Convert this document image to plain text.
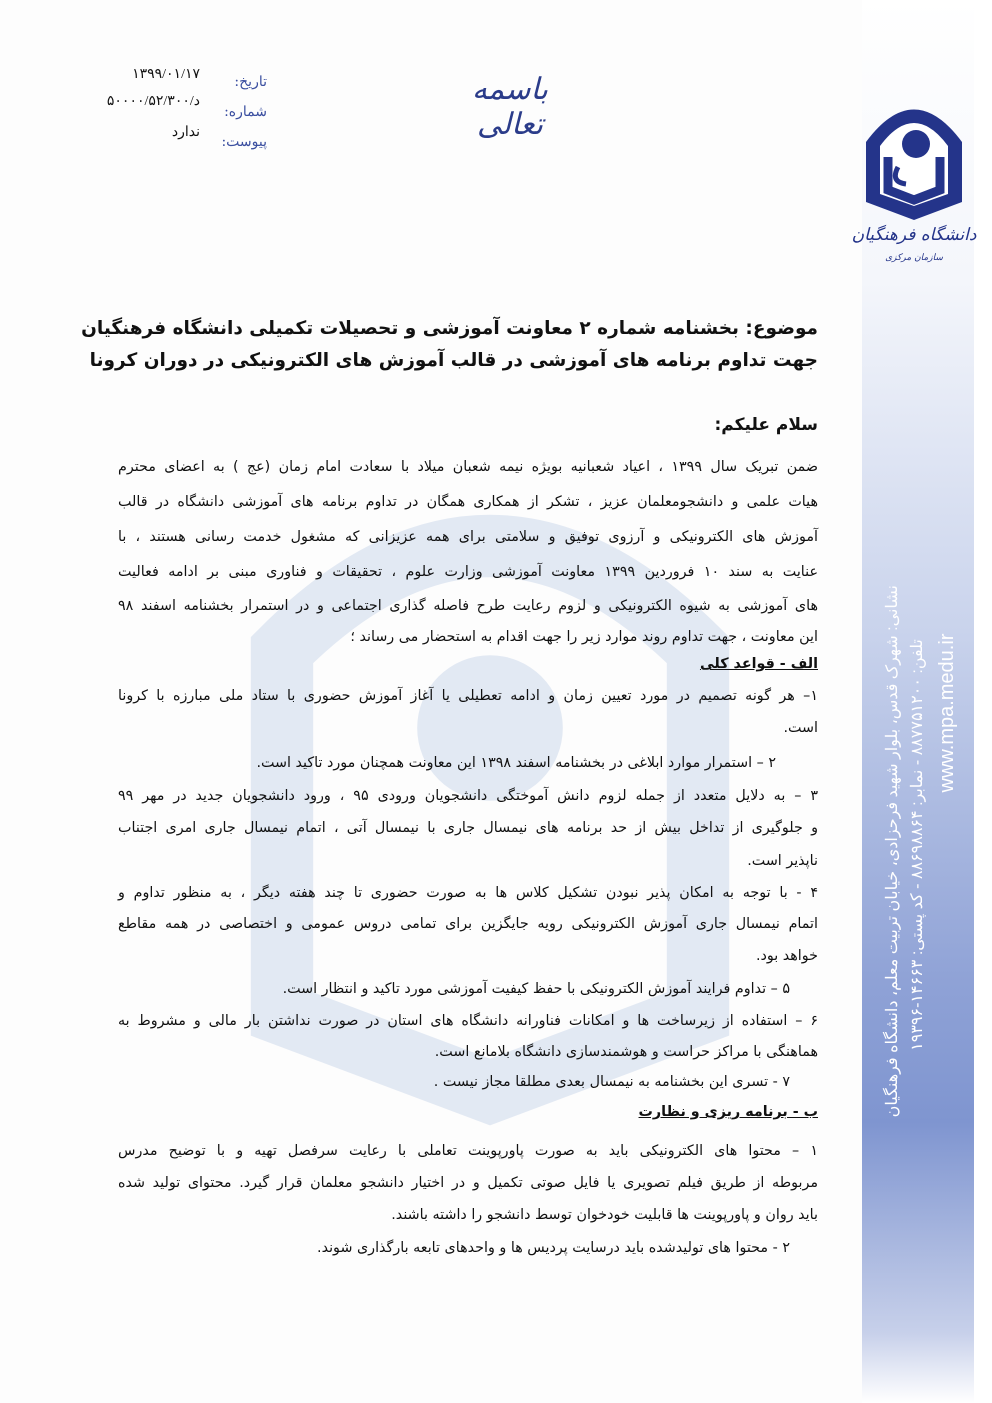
دانشگاه فرهنگیان
سازمان مرکزی
نشانی: شهرک قدس، بلوار شهید فرحزادی، خیابان تربیت معلم، دانشگاه فرهنگیان تلفن: ۸۸۷۷۵۱۲۰۰ - نمابر: ۸۸۶۹۸۸۶۴ - کد پستی: ۱۴۶۶۳-۱۹۳۹۶ www.mpa.medu.ir
باسمه تعالی
تاریخ:
شماره:
پیوست:
۱۳۹۹/۰۱/۱۷
د/۵۰۰۰۰/۵۲/۳۰۰
ندارد
موضوع: بخشنامه شماره ۲ معاونت آموزشی و تحصیلات تکمیلی دانشگاه فرهنگیان
جهت تداوم برنامه های آموزشی در قالب آموزش های الکترونیکی در دوران کرونا
سلام علیکم:
ضمن تبریک سال ۱۳۹۹ ، اعیاد شعبانیه بویژه نیمه شعبان میلاد با سعادت امام زمان (عج ) به اعضای محترم
هیات علمی و دانشجومعلمان عزیز ، تشکر از همکاری همگان در تداوم برنامه های آموزشی دانشگاه در قالب
آموزش های الکترونیکی و آرزوی توفیق و سلامتی برای همه عزیزانی که مشغول خدمت رسانی هستند ، با
عنایت به سند ۱۰ فروردین ۱۳۹۹ معاونت آموزشی وزارت علوم ، تحقیقات و فناوری مبنی بر ادامه فعالیت
های آموزشی به شیوه الکترونیکی و لزوم رعایت طرح فاصله گذاری اجتماعی و در استمرار بخشنامه اسفند ۹۸
این معاونت ، جهت تداوم روند موارد زیر را جهت اقدام به استحضار می رساند ؛
الف - قواعد کلی
۱– هر گونه تصمیم در مورد تعیین زمان و ادامه تعطیلی یا آغاز آموزش حضوری با ستاد ملی مبارزه با کرونا
است.
۲ – استمرار موارد ابلاغی در بخشنامه اسفند ۱۳۹۸ این معاونت همچنان مورد تاکید است.
۳ – به دلایل متعدد از جمله لزوم دانش آموختگی دانشجویان ورودی ۹۵ ، ورود دانشجویان جدید در مهر ۹۹
و جلوگیری از تداخل بیش از حد برنامه های نیمسال جاری با نیمسال آتی ، اتمام نیمسال جاری امری اجتناب
ناپذیر است.
۴ - با توجه به امکان پذیر نبودن تشکیل کلاس ها به صورت حضوری تا چند هفته دیگر ، به منظور تداوم و
اتمام نیمسال جاری آموزش الکترونیکی رویه جایگزین برای تمامی دروس عمومی و اختصاصی در همه مقاطع
خواهد بود.
۵ – تداوم فرایند آموزش الکترونیکی با حفظ کیفیت آموزشی مورد تاکید و انتظار است.
۶ – استفاده از زیرساخت ها و امکانات فناورانه دانشگاه های استان در صورت نداشتن بار مالی و مشروط به
هماهنگی با مراکز حراست و هوشمندسازی دانشگاه بلامانع است.
۷ - تسری این بخشنامه به نیمسال بعدی مطلقا مجاز نیست .
ب - برنامه ریزی و نظارت
۱ – محتوا های الکترونیکی باید به صورت پاورپوینت تعاملی با رعایت سرفصل تهیه و با توضیح مدرس
مربوطه از طریق فیلم تصویری یا فایل صوتی تکمیل و در اختیار دانشجو معلمان قرار گیرد. محتوای تولید شده
باید روان و پاورپوینت ها قابلیت خودخوان توسط دانشجو را داشته باشند.
۲ - محتوا های تولیدشده باید درسایت پردیس ها و واحدهای تابعه بارگذاری شوند.
